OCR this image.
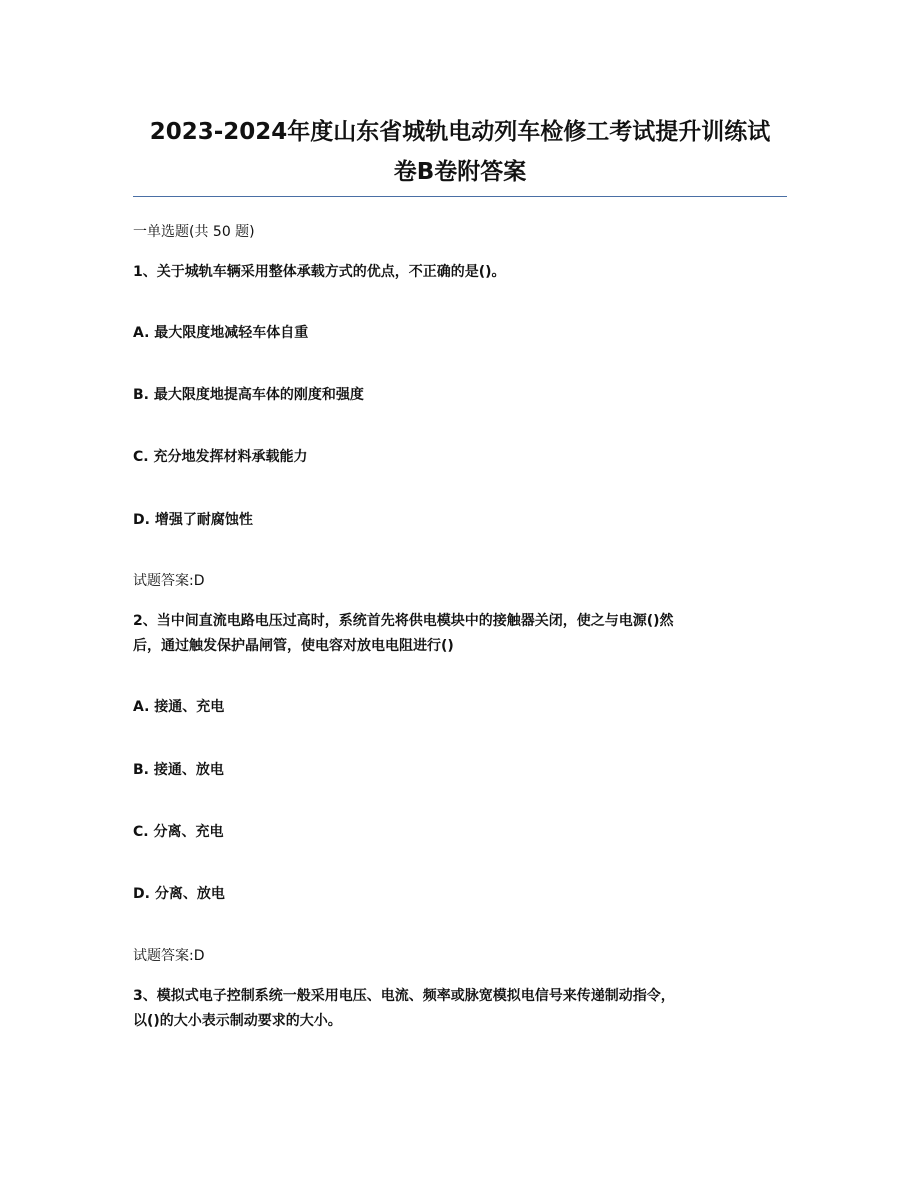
2023-2024年度山东省城轨电动列车检修工考试提升训练试
卷B卷附答案
一单选题(共 50 题)
1、关于城轨车辆采用整体承载方式的优点，不正确的是()。
A. 最大限度地减轻车体自重
B. 最大限度地提高车体的刚度和强度
C. 充分地发挥材料承载能力
D. 增强了耐腐蚀性
试题答案:D
2、当中间直流电路电压过高时，系统首先将供电模块中的接触器关闭，使之与电源()然
后，通过触发保护晶闸管，使电容对放电电阻进行()
A. 接通、充电
B. 接通、放电
C. 分离、充电
D. 分离、放电
试题答案:D
3、模拟式电子控制系统一般采用电压、电流、频率或脉宽模拟电信号来传递制动指令，
以()的大小表示制动要求的大小。
